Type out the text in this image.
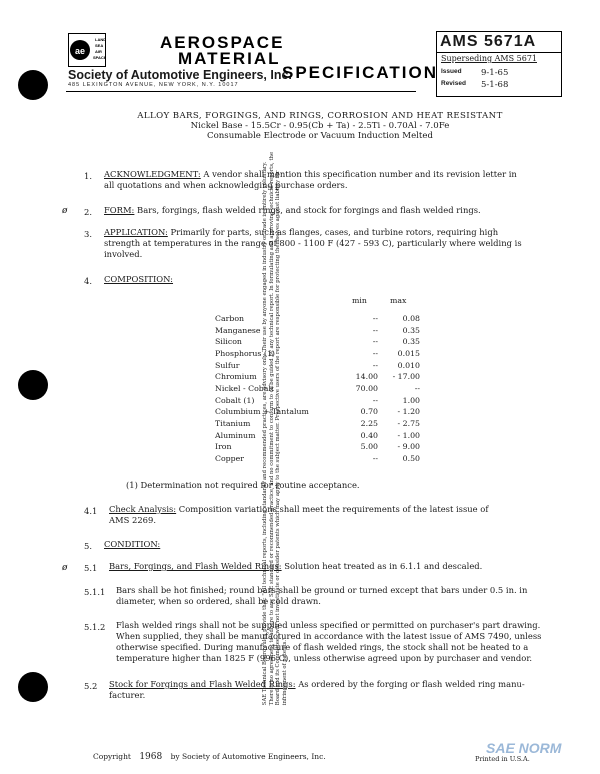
SAE Technical Board rules provide that: "All technical reports, including standards and recommended practices, are advisory only. Their use by anyone engaged in industry or trade is entirely voluntary. There is no agreement to adhere to any SAE standard or recommended practice, and no commitment to conform to or be guided by any technical report. In formulating and approving technical reports, the Board and its Committees will not investigate or consider patents which may apply to the subject matter. Prospective users of the report are responsible for protecting themselves against liability for infringement of patents."
ae
LAND
SEA
AIR
SPACE
AEROSPACE
MATERIAL
SPECIFICATION
Society of Automotive Engineers, Inc.
485 LEXINGTON AVENUE, NEW YORK, N.Y. 10017
AMS 5671A
Superseding AMS 5671
Issued 9-1-65
Revised 5-1-68
ALLOY BARS, FORGINGS, AND RINGS, CORROSION AND HEAT RESISTANT
Nickel Base - 15.5Cr - 0.95(Cb + Ta) - 2.5Ti - 0.70Al - 7.0Fe
Consumable Electrode or Vacuum Induction Melted
1. ACKNOWLEDGMENT: A vendor shall mention this specification number and its revision letter in
all quotations and when acknowledging purchase orders.
ø 2. FORM: Bars, forgings, flash welded rings, and stock for forgings and flash welded rings.
3. APPLICATION: Primarily for parts, such as flanges, cases, and turbine rotors, requiring high
strength at temperatures in the range of 800 - 1100 F (427 - 593 C), particularly where welding is
involved.
4. COMPOSITION:
min	max
Carbon	--	0.08
Manganese	--	0.35
Silicon	--	0.35
Phosphorus (1)	--	0.015
Sulfur	--	0.010
Chromium	14.00	- 17.00
Nickel - Cobalt	70.00	--
Cobalt (1)	--	1.00
Columbium + Tantalum	0.70	- 1.20
Titanium	2.25	- 2.75
Aluminum	0.40	- 1.00
Iron	5.00	- 9.00
Copper	--	0.50
(1) Determination not required for routine acceptance.
4.1 Check Analysis: Composition variations shall meet the requirements of the latest issue of
AMS 2269.
5. CONDITION:
ø 5.1 Bars, Forgings, and Flash Welded Rings: Solution heat treated as in 6.1.1 and descaled.
5.1.1 Bars shall be hot finished; round bars shall be ground or turned except that bars under 0.5 in. in
diameter, when so ordered, shall be cold drawn.
5.1.2 Flash welded rings shall not be supplied unless specified or permitted on purchaser's part drawing.
When supplied, they shall be manufactured in accordance with the latest issue of AMS 7490, unless
otherwise specified. During manufacture of flash welded rings, the stock shall not be heated to a
temperature higher than 1825 F (996 C), unless otherwise agreed upon by purchaser and vendor.
5.2 Stock for Forgings and Flash Welded Rings: As ordered by the forging or flash welded ring manu-
facturer.
Copyright 1968 by Society of Automotive Engineers, Inc.
SAE NORM
Printed in U.S.A.
